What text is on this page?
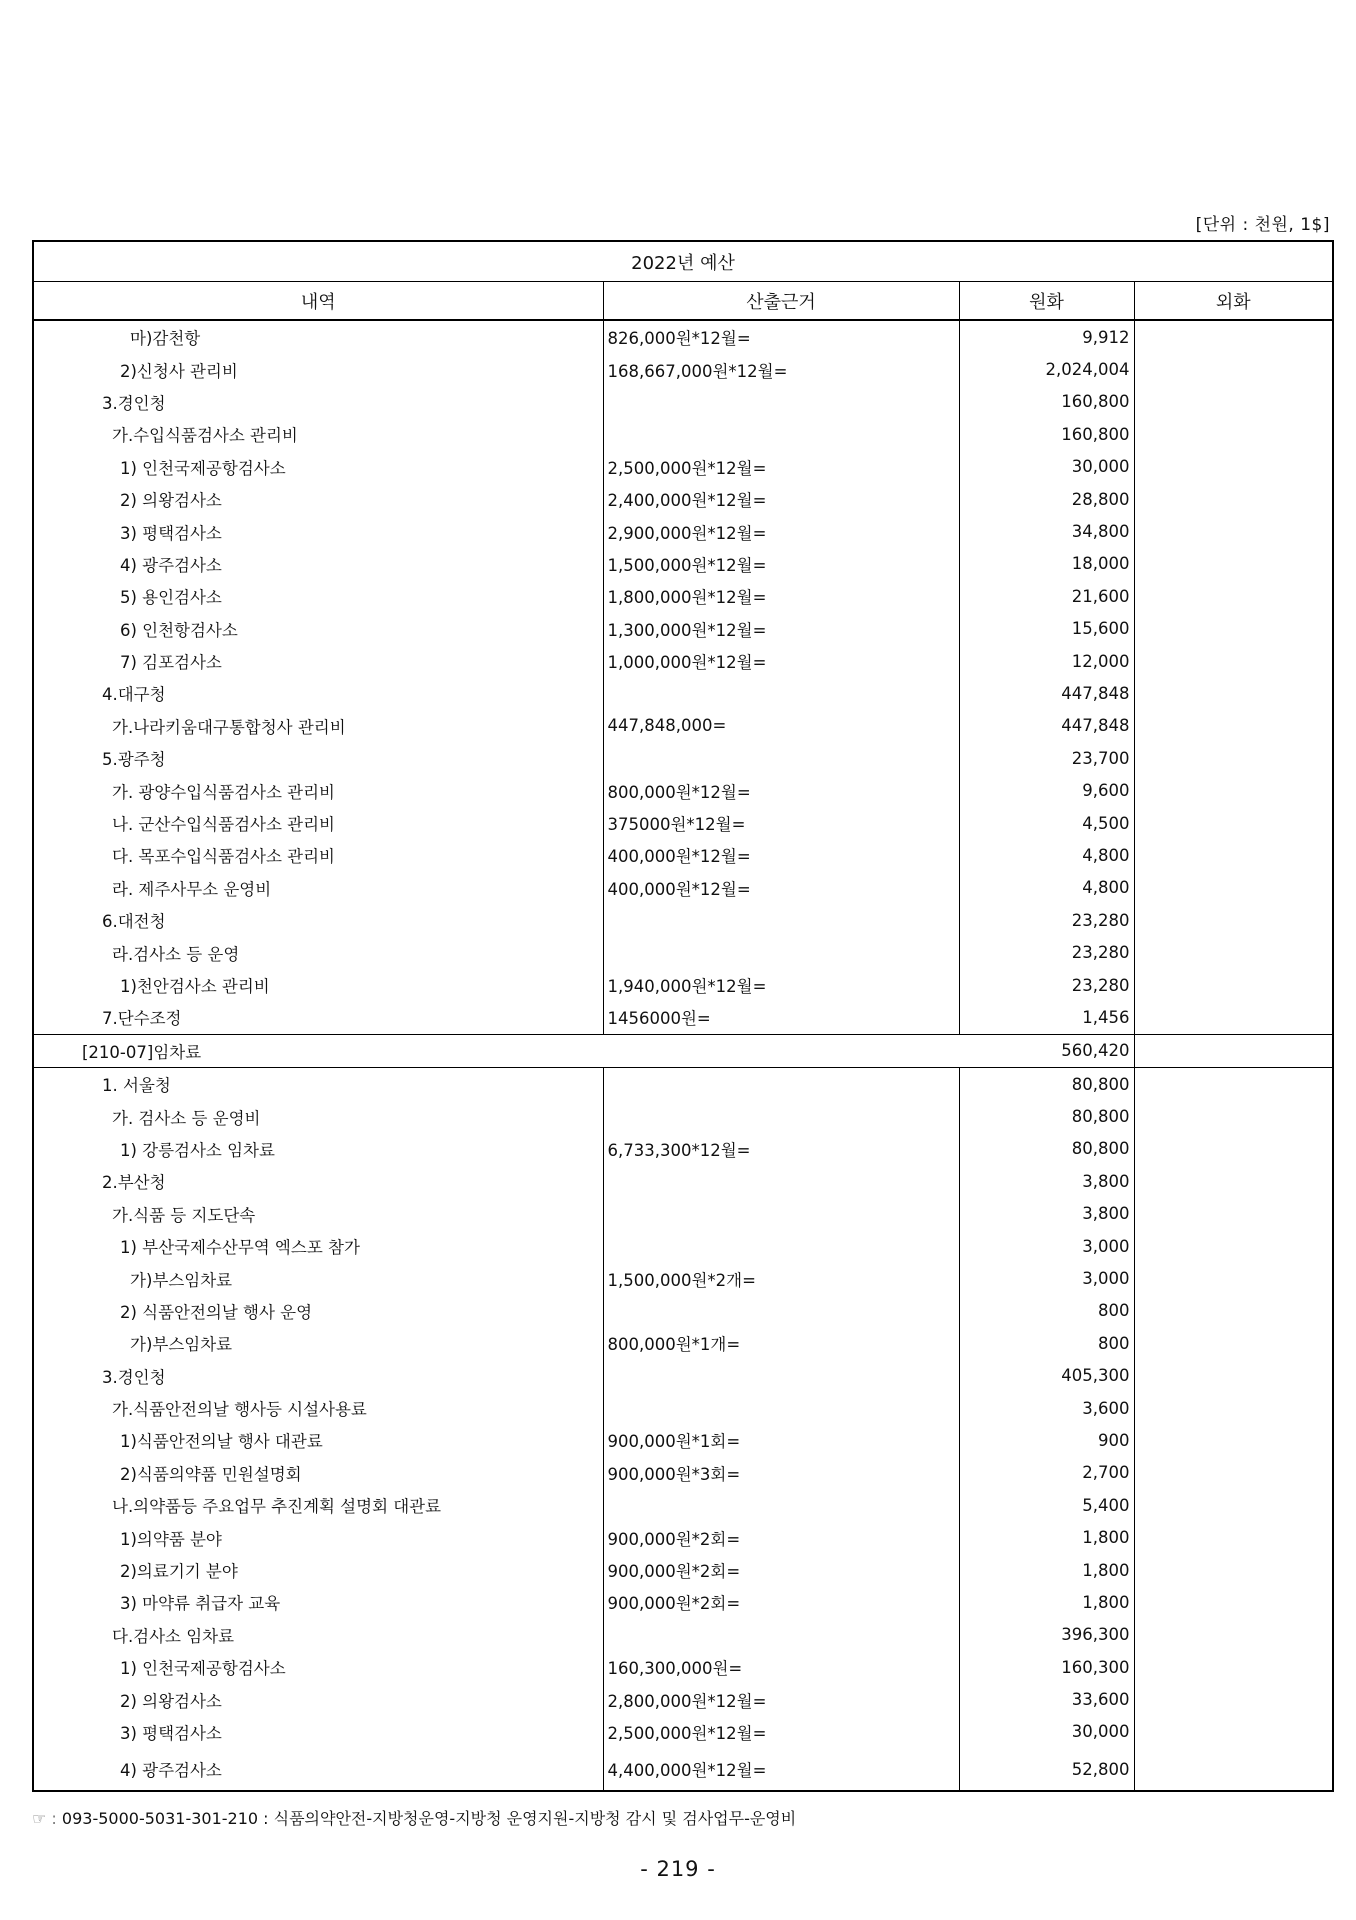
[단위 : 천원, 1$]
2022년 예산			
내역	산출근거	원화	외화
마)감천항	826,000원*12월=	9,912	
2)신청사 관리비	168,667,000원*12월=	2,024,004	
3.경인청		160,800	
가.수입식품검사소 관리비		160,800	
1) 인천국제공항검사소	2,500,000원*12월=	30,000	
2) 의왕검사소	2,400,000원*12월=	28,800	
3) 평택검사소	2,900,000원*12월=	34,800	
4) 광주검사소	1,500,000원*12월=	18,000	
5) 용인검사소	1,800,000원*12월=	21,600	
6) 인천항검사소	1,300,000원*12월=	15,600	
7) 김포검사소	1,000,000원*12월=	12,000	
4.대구청		447,848	
가.나라키움대구통합청사 관리비	447,848,000=	447,848	
5.광주청		23,700	
가. 광양수입식품검사소 관리비	800,000원*12월=	9,600	
나. 군산수입식품검사소 관리비	375000원*12월=	4,500	
다. 목포수입식품검사소 관리비	400,000원*12월=	4,800	
라. 제주사무소 운영비	400,000원*12월=	4,800	
6.대전청		23,280	
라.검사소 등 운영		23,280	
1)천안검사소 관리비	1,940,000원*12월=	23,280	
7.단수조정	1456000원=	1,456	
[210-07]임차료		560,420	
1. 서울청		80,800	
가. 검사소 등 운영비		80,800	
1) 강릉검사소 임차료	6,733,300*12월=	80,800	
2.부산청		3,800	
가.식품 등 지도단속		3,800	
1) 부산국제수산무역 엑스포 참가		3,000	
가)부스임차료	1,500,000원*2개=	3,000	
2) 식품안전의날 행사 운영		800	
가)부스임차료	800,000원*1개=	800	
3.경인청		405,300	
가.식품안전의날 행사등 시설사용료		3,600	
1)식품안전의날 행사 대관료	900,000원*1회=	900	
2)식품의약품 민원설명회	900,000원*3회=	2,700	
나.의약품등 주요업무 추진계획 설명회 대관료		5,400	
1)의약품 분야	900,000원*2회=	1,800	
2)의료기기 분야	900,000원*2회=	1,800	
3) 마약류 취급자 교육	900,000원*2회=	1,800	
다.검사소 임차료		396,300	
1) 인천국제공항검사소	160,300,000원=	160,300	
2) 의왕검사소	2,800,000원*12월=	33,600	
3) 평택검사소	2,500,000원*12월=	30,000	
4) 광주검사소	4,400,000원*12월=	52,800	
☞ : 093-5000-5031-301-210 : 식품의약안전-지방청운영-지방청 운영지원-지방청 감시 및 검사업무-운영비
- 219 -
